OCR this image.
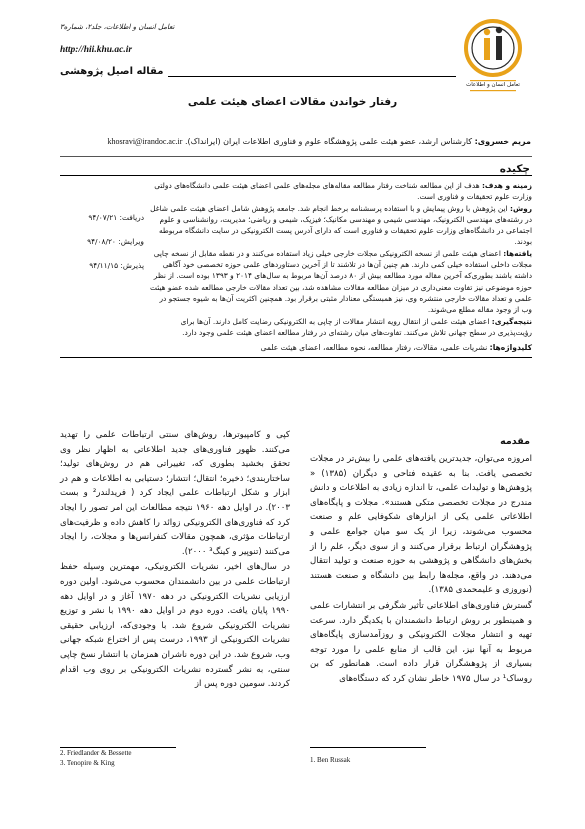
تعامل انسان و اطلاعات، جلد۲، شماره۳
http://hii.khu.ac.ir
مقاله اصیل پژوهشی
تعامل انسان و اطلاعات
رفتار خواندن مقالات اعضای هیئت علمی
مریم خسروی: کارشناس ارشد، عضو هیئت علمی پژوهشگاه علوم و فناوری اطلاعات ایران (ایرانداک). khosravi@irandoc.ac.ir
چکیده

زمینه و هدف: هدف از این مطالعه شناخت رفتار مطالعه مقاله‌های مجله‌های علمی اعضای هیئت علمی دانشگاه‌های دولتی وزارت علوم تحقیقات و فناوری است.

روش: این پژوهش با روش پیمایش و با استفاده پرسشنامه برخط انجام شد. جامعه پژوهش شامل اعضای هیئت علمی شاغل در رشته‌های مهندسی الکترونیک، مهندسی شیمی و مهندسی مکانیک؛ فیزیک، شیمی و ریاضی؛ مدیریت، روانشناسی و علوم اجتماعی در دانشگاه‌های وزارت علوم تحقیقات و فناوری است که دارای آدرس پست الکترونیکی در سایت دانشگاه مربوطه بودند.

یافته‌ها: اعضای هیئت علمی از نسخه الکترونیکی مجلات خارجی خیلی زیاد استفاده می‌کنند و در نقطه مقابل از نسخه چاپی مجلات داخلی استفاده خیلی کمی دارند. هم چنین آن‌ها در تلاشند تا از آخرین دستاوردهای علمی حوزه تخصصی خود آگاهی داشته باشند بطوری‌که آخرین مقاله مورد مطالعه بیش از ۸۰ درصد آن‌ها مربوط به سال‌های ۲۰۱۴ و ۱۳۹۳ بوده است. از نظر حوزه موضوعی نیز تفاوت معنی‌داری در میزان مطالعه مقالات مشاهده شد، بین تعداد مقالات خارجی مطالعه شده عضو هیئت علمی و تعداد مقالات خارجی منتشره وی، نیز همبستگی معنادار مثبتی برقرار بود. همچنین اکثریت آن‌ها به شیوه جستجو در وب از وجود مقاله مطلع می‌شوند.

نتیجه‌گیری: اعضای هیئت علمی از انتقال رویه انتشار مقالات از چاپی به الکترونیکی رضایت کامل دارند. آن‌ها برای رؤیت‌پذیری در سطح جهانی تلاش می‌کنند. تفاوت‌های میان رشته‌ای در رفتار مطالعه اعضای هیئت علمی وجود دارد.

دریافت: ۹۴/۰۷/۲۱
ویرایش: ۹۴/۰۸/۲۰
پذیرش: ۹۴/۱۱/۱۵
کلیدواژه‌ها: نشریات علمی، مقالات، رفتار مطالعه، نحوه مطالعه، اعضای هیئت علمی
مقدمه

امروزه می‌توان، جدیدترین یافته‌های علمی را بیش‌تر در مجلات تخصصی یافت. بنا به عقیده فتاحی و دیگران (۱۳۸۵) « پژوهش‌ها و تولیدات علمی، تا اندازه زیادی به اطلاعات و دانش مندرج در مجلات تخصصی متکی هستند». مجلات و پایگاه‌های اطلاعاتی علمی یکی از ابزارهای شکوفایی علم و صنعت محسوب می‌شوند، زیرا از یک سو میان جوامع علمی و پژوهشگران ارتباط برقرار می‌کنند و از سوی دیگر، علم را از بخش‌های دانشگاهی و پژوهشی به حوزه صنعت و تولید انتقال می‌دهند. در واقع، مجله‌ها رابط بین دانشگاه و صنعت هستند (نوروزی و علیمحمدی ۱۳۸۵).

گسترش فناوری‌های اطلاعاتی تأثیر شگرفی بر انتشارات علمی و همینطور بر روش ارتباط دانشمندان با یکدیگر دارد. سرعت تهیه و انتشار مجلات الکترونیکی و روزآمدسازی پایگاه‌های مربوط به آنها نیز، این قالب از منابع علمی را مورد توجه بسیاری از پژوهشگران قرار داده است. همانطور که بن روساک¹ در سال ۱۹۷۵ خاطر نشان کرد که دستگاه‌های

کپی و کامپیوترها، روش‌های سنتی ارتباطات علمی را تهدید می‌کنند. ظهور فناوری‌های جدید اطلاعاتی به اظهار نظر وی تحقق بخشید بطوری که، تغییراتی هم در روش‌های تولید؛ ساختاربندی؛ ذخیره؛ انتقال؛ انتشار؛ دستیابی به اطلاعات و هم در ابزار و شکل ارتباطات علمی ایجاد کرد ( فریدلندر² و بست ۲۰۰۳). در اوایل دهه ۱۹۶۰ نتیجه مطالعات این امر تصور را ایجاد کرد که فناوری‌های الکترونیکی زوائد را کاهش داده و ظرفیت‌های ارتباطات مؤثری، همچون مقالات کنفرانس‌ها و مجلات، را ایجاد می‌کنند (تنوپیر و کینگ³ ۲۰۰۰).

در سال‌های اخیر، نشریات الکترونیکی، مهمترین وسیله حفظ ارتباطات علمی در بین دانشمندان محسوب می‌شود. اولین دوره ارزیابی نشریات الکترونیکی در دهه ۱۹۷۰ آغاز و در اوایل دهه ۱۹۹۰ پایان یافت. دوره دوم در اوایل دهه ۱۹۹۰ با نشر و توزیع نشریات الکترونیکی شروع شد. با وجودی‌که، ارزیابی حقیقی نشریات الکترونیکی از ۱۹۹۳، درست پس از اختراع شبکه جهانی وب، شروع شد. در این دوره ناشران همزمان با انتشار نسخ چاپی سنتی، به نشر گسترده نشریات الکترونیکی بر روی وب اقدام کردند. سومین دوره پس از

2. Friedlander & Bessette
3. Tenopire & King	1. Ben Russak
